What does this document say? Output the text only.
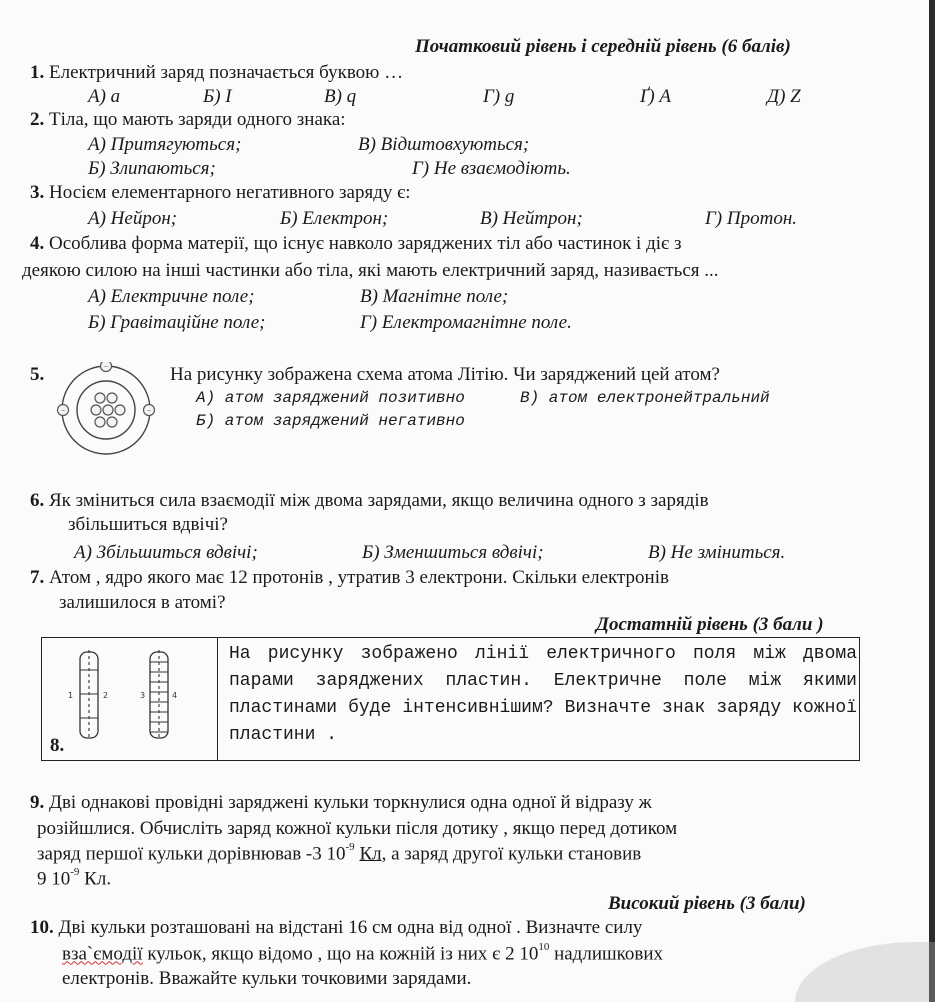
Початковий рівень і середній рівень (6 балів)
1. Електричний заряд позначається буквою …
А) a	Б) I	В) q	Г) g	Ґ) A	Д) Z
2. Тіла, що мають заряди одного знака:
А) Притягуються;	В) Відштовхуються;
Б) Злипаються;	Г) Не взаємодіють.
3. Носієм елементарного негативного заряду є:
А) Нейрон;	Б) Електрон;	В) Нейтрон;	Г) Протон.
4. Особлива форма матерії, що існує навколо заряджених тіл або частинок і діє з
деякою силою на інші частинки або тіла, які мають електричний заряд, називається ...
А) Електричне поле;	В) Магнітне поле;
Б) Гравітаційне поле;	Г) Електромагнітне поле.
5.	−
−	−
На рисунку зображена схема атома Літію. Чи заряджений цей атом?
А) атом заряджений позитивно	В) атом електронейтральний
Б) атом заряджений негативно
6. Як зміниться сила взаємодії між двома зарядами, якщо величина одного з зарядів
збільшиться вдвічі?
А) Збільшиться вдвічі;	Б) Зменшиться вдвічі;	В) Не зміниться.
7. Атом , ядро якого має 12 протонів , утратив 3 електрони. Скільки електронів
залишилося в атомі?
Достатній рівень (3 бали )
8.
1	2	3	4
На рисунку зображено лінії електричного поля між двома парами заряджених пластин. Електричне поле між якими пластинами буде інтенсивнішим? Визначте знак заряду кожної пластини .
9. Дві однакові провідні заряджені кульки торкнулися одна одної й відразу ж
розійшлися. Обчисліть заряд кожної кульки після дотику , якщо перед дотиком
заряд першої кульки дорівнював -3 $10^{-9}$ Кл, а заряд другої кульки становив
9 $10^{-9}$ Кл.
Високий рівень (3 бали)
10. Дві кульки розташовані на відстані 16 см одна від одної . Визначте силу
вза`ємодії кульок, якщо відомо , що на кожній із них є 2 $10^{10}$ надлишкових
електронів. Вважайте кульки точковими зарядами.
